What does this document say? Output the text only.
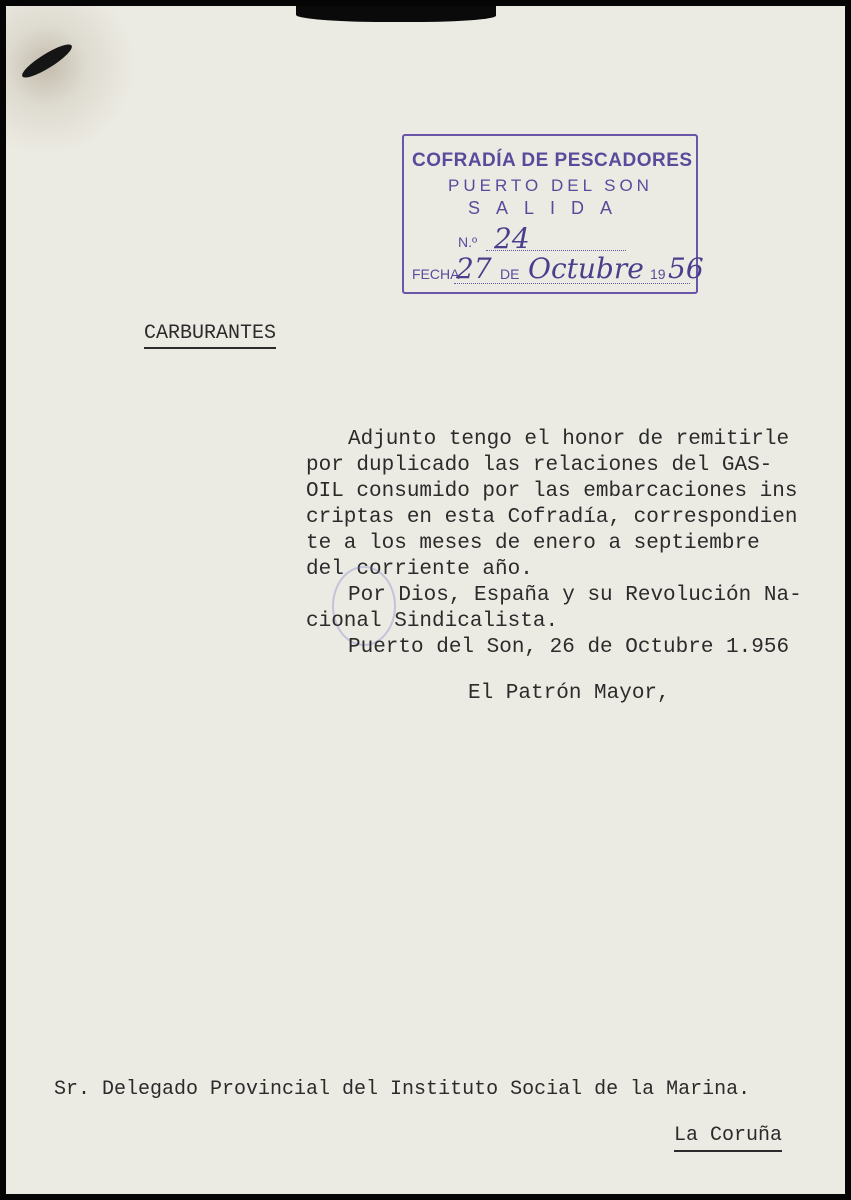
COFRADÍA DE PESCADORES
PUERTO DEL SON
SALIDA
N.º 24
FECHA
27 DE Octubre 19 56
CARBURANTES
Adjunto tengo el honor de remitirle
por duplicado las relaciones del GAS-
OIL consumido por las embarcaciones ins
criptas en esta Cofradía, correspondien
te a los meses de enero a septiembre
del corriente año.
Por Dios, España y su Revolución Na-
cional Sindicalista.
Puerto del Son, 26 de Octubre 1.956
El Patrón Mayor,
Sr. Delegado Provincial del Instituto Social de la Marina.
La Coruña
